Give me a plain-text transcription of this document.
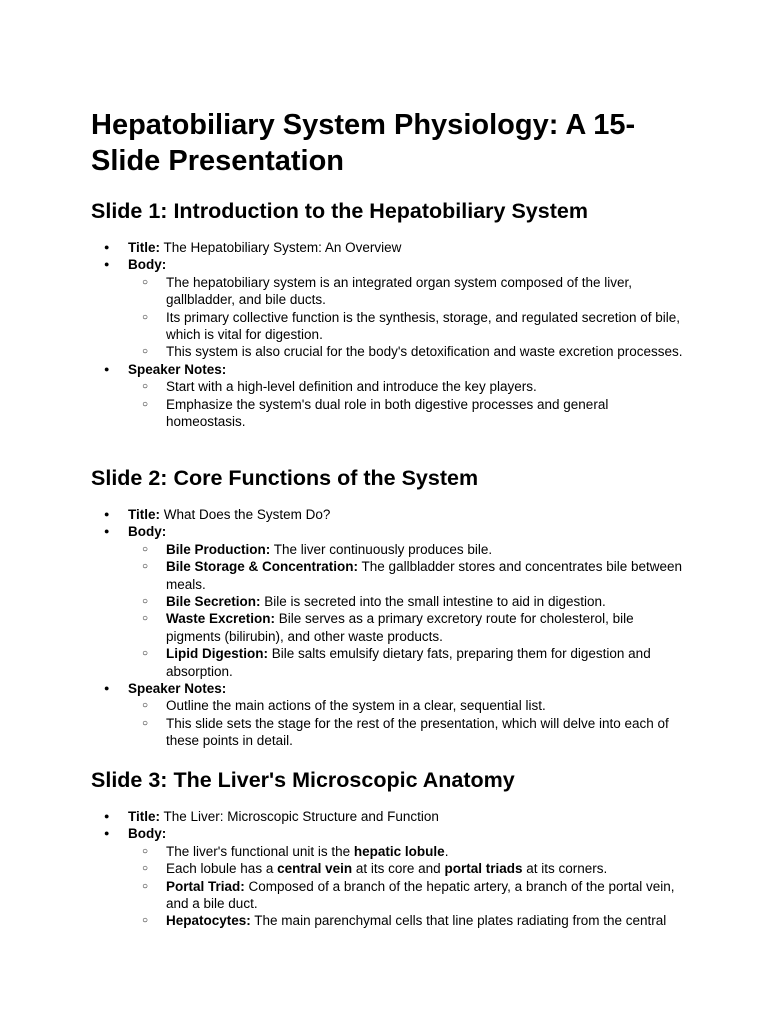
Hepatobiliary System Physiology: A 15-Slide Presentation
Slide 1: Introduction to the Hepatobiliary System
● Title: The Hepatobiliary System: An Overview
● Body:
○ The hepatobiliary system is an integrated organ system composed of the liver, gallbladder, and bile ducts.
○ Its primary collective function is the synthesis, storage, and regulated secretion of bile, which is vital for digestion.
○ This system is also crucial for the body's detoxification and waste excretion processes.
● Speaker Notes:
○ Start with a high-level definition and introduce the key players.
○ Emphasize the system's dual role in both digestive processes and general homeostasis.
Slide 2: Core Functions of the System
● Title: What Does the System Do?
● Body:
○ Bile Production: The liver continuously produces bile.
○ Bile Storage & Concentration: The gallbladder stores and concentrates bile between meals.
○ Bile Secretion: Bile is secreted into the small intestine to aid in digestion.
○ Waste Excretion: Bile serves as a primary excretory route for cholesterol, bile pigments (bilirubin), and other waste products.
○ Lipid Digestion: Bile salts emulsify dietary fats, preparing them for digestion and absorption.
● Speaker Notes:
○ Outline the main actions of the system in a clear, sequential list.
○ This slide sets the stage for the rest of the presentation, which will delve into each of these points in detail.
Slide 3: The Liver's Microscopic Anatomy
● Title: The Liver: Microscopic Structure and Function
● Body:
○ The liver's functional unit is the hepatic lobule.
○ Each lobule has a central vein at its core and portal triads at its corners.
○ Portal Triad: Composed of a branch of the hepatic artery, a branch of the portal vein, and a bile duct.
○ Hepatocytes: The main parenchymal cells that line plates radiating from the central
